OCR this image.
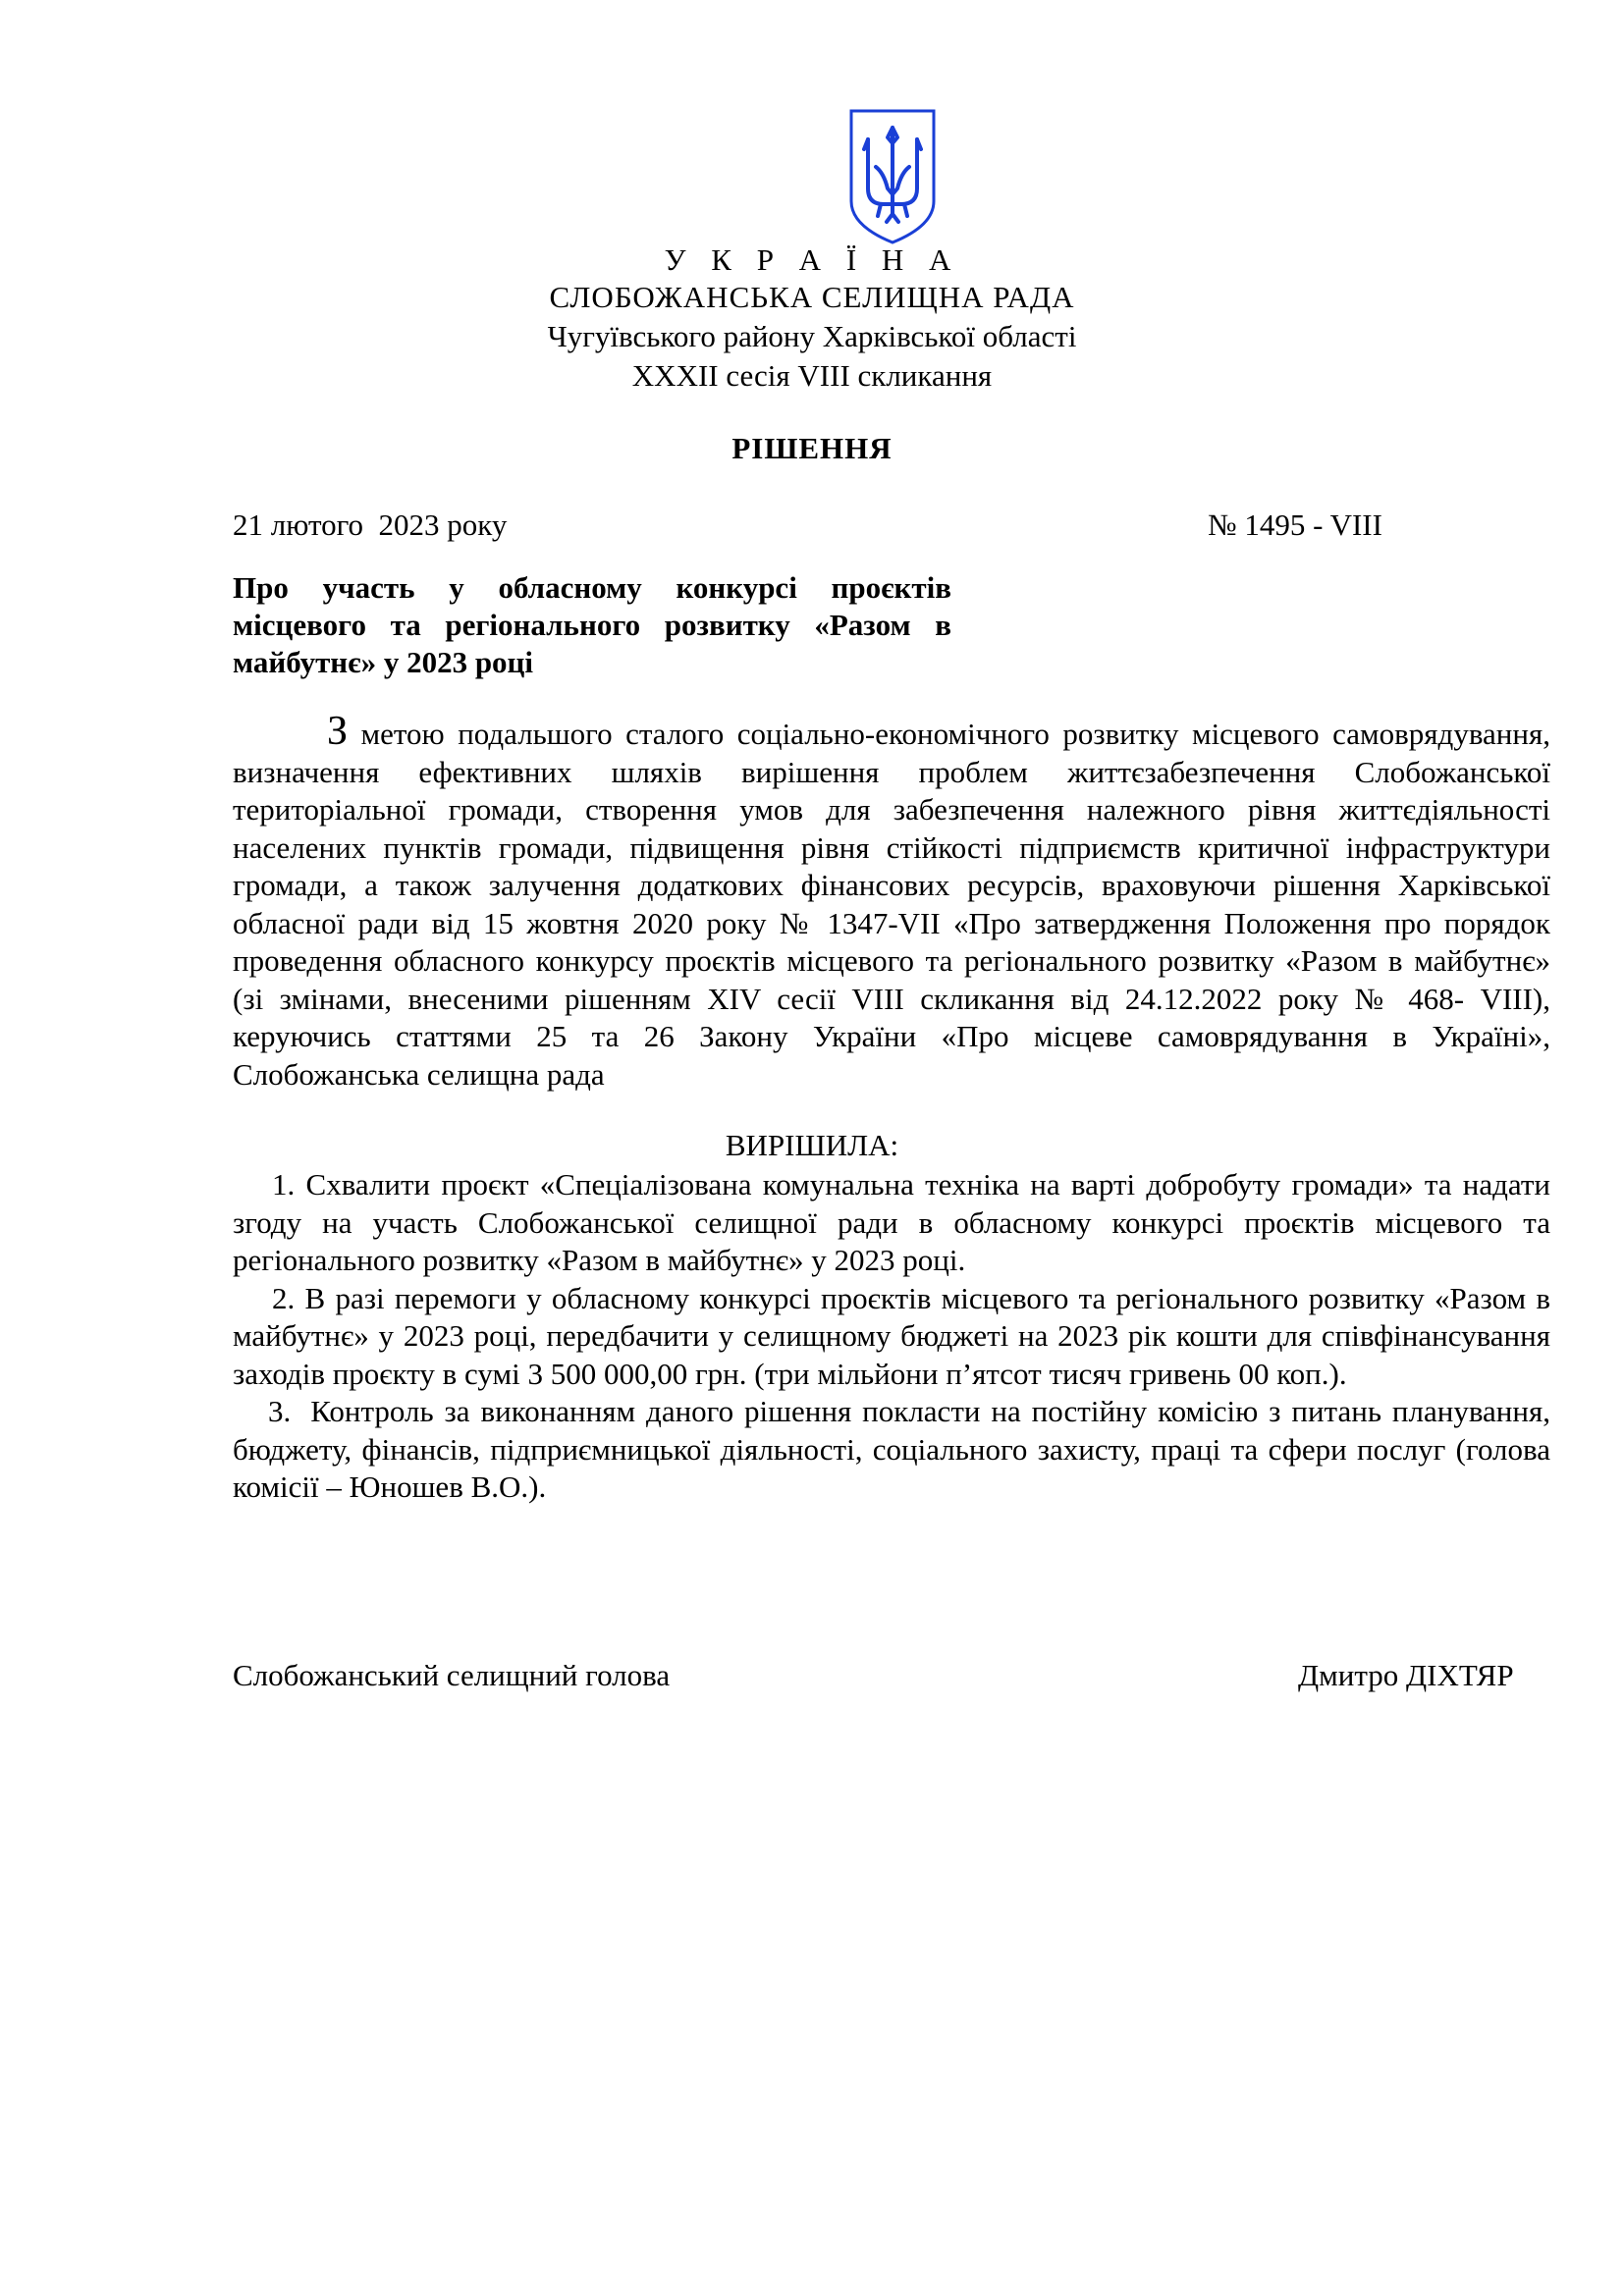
У К Р А Ї Н А
СЛОБОЖАНСЬКА СЕЛИЩНА РАДА
Чугуївського району Харківської області
XXXII сесія VIII скликання
РІШЕННЯ
21 лютого  2023 року	№ 1495 - VIII
Про участь у обласному конкурсі проєктів місцевого та регіонального розвитку «Разом в майбутнє» у 2023 році
З метою подальшого сталого соціально-економічного розвитку місцевого самоврядування, визначення ефективних шляхів вирішення проблем життєзабезпечення Слобожанської територіальної громади, створення умов для забезпечення належного рівня життєдіяльності населених пунктів громади, підвищення рівня стійкості підприємств критичної інфраструктури громади, а також залучення додаткових фінансових ресурсів, враховуючи рішення Харківської обласної ради від 15 жовтня 2020 року № 1347-VII «Про затвердження Положення про порядок проведення обласного конкурсу проєктів місцевого та регіонального розвитку «Разом в майбутнє» (зі змінами, внесеними рішенням XIV сесії VIII скликання від 24.12.2022 року № 468- VIII), керуючись статтями 25 та 26 Закону України «Про місцеве самоврядування в Україні», Слобожанська селищна рада
ВИРІШИЛА:

1. Схвалити проєкт «Спеціалізована комунальна техніка на варті добробуту громади» та надати згоду на участь Слобожанської селищної ради в обласному конкурсі проєктів місцевого та регіонального розвитку «Разом в майбутнє» у 2023 році.

2. В разі перемоги у обласному конкурсі проєктів місцевого та регіонального розвитку «Разом в майбутнє» у 2023 році, передбачити у селищному бюджеті на 2023 рік кошти для співфінансування заходів проєкту в сумі 3 500 000,00 грн. (три мільйони п’ятсот тисяч гривень 00 коп.).

3. Контроль за виконанням даного рішення покласти на постійну комісію з питань планування, бюджету, фінансів, підприємницької діяльності, соціального захисту, праці та сфери послуг (голова комісії – Юношев В.О.).

Слобожанський селищний голова	Дмитро ДІХТЯР
